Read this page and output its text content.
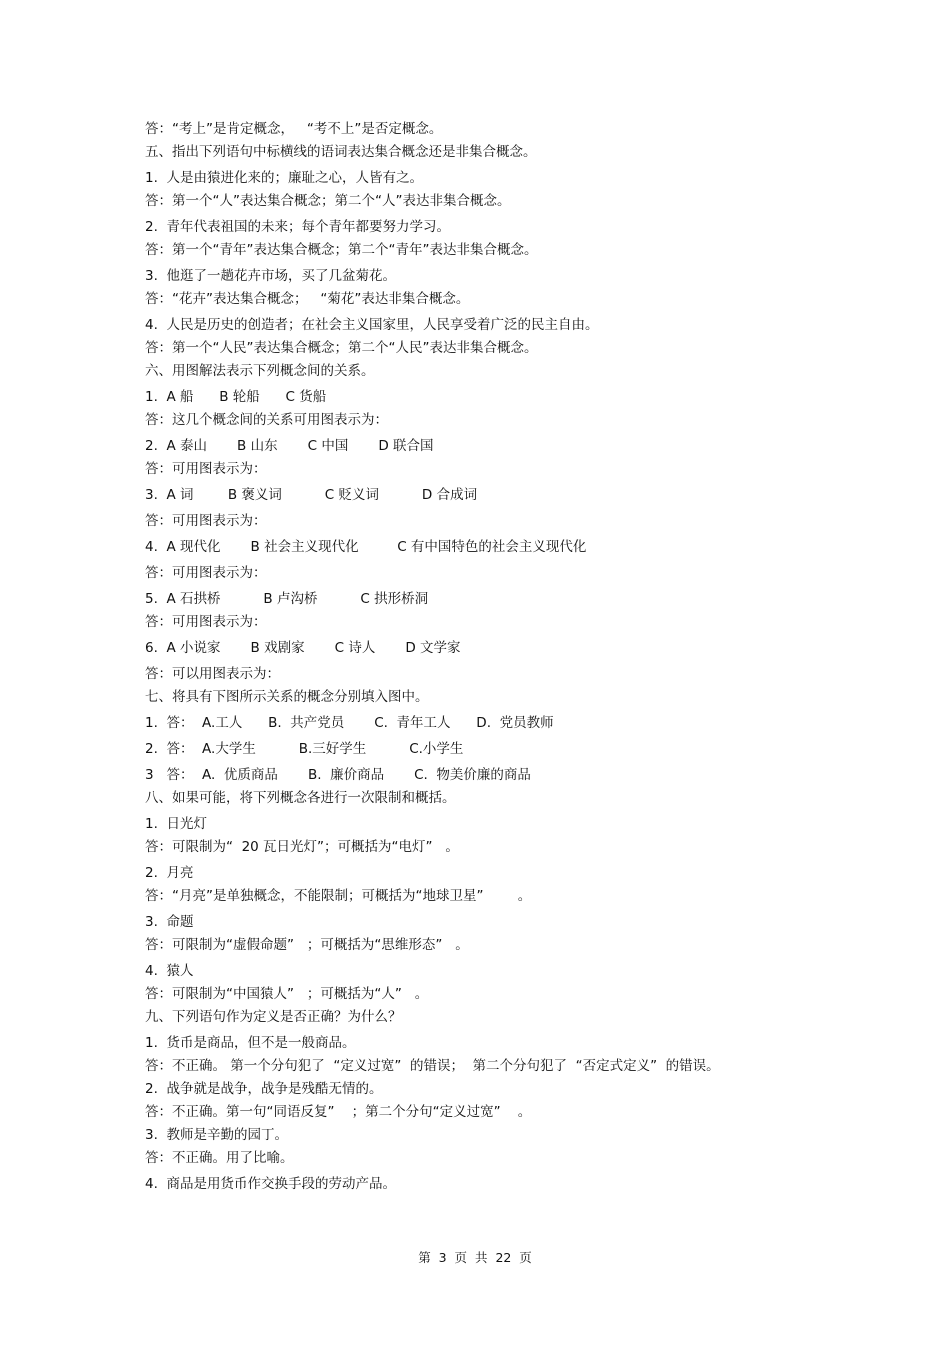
答：“考上”是肯定概念，   “考不上”是否定概念。
五、指出下列语句中标横线的语词表达集合概念还是非集合概念。
1.  人是由猿进化来的；廉耻之心，人皆有之。
答：第一个“人”表达集合概念；第二个“人”表达非集合概念。
2.  青年代表祖国的未来；每个青年都要努力学习。
答：第一个“青年”表达集合概念；第二个“青年”表达非集合概念。
3.  他逛了一趟花卉市场，买了几盆菊花。
答：“花卉”表达集合概念；   “菊花”表达非集合概念。
4.  人民是历史的创造者；在社会主义国家里，人民享受着广泛的民主自由。
答：第一个“人民”表达集合概念；第二个“人民”表达非集合概念。
六、用图解法表示下列概念间的关系。
1.  A 船      B 轮船      C 货船
答：这几个概念间的关系可用图表示为：
2.  A 泰山       B 山东       C 中国       D 联合国
答：可用图表示为：
3.  A 词        B 褒义词          C 贬义词          D 合成词
答：可用图表示为：
4.  A 现代化       B 社会主义现代化         C 有中国特色的社会主义现代化
答：可用图表示为：
5.  A 石拱桥          B 卢沟桥          C 拱形桥洞
答：可用图表示为：
6.  A 小说家       B 戏剧家       C 诗人       D 文学家
答：可以用图表示为：
七、将具有下图所示关系的概念分别填入图中。
1.  答：  A.工人      B.  共产党员       C.  青年工人      D.  党员教师
2.  答：  A.大学生          B.三好学生          C.小学生
3   答：  A.  优质商品       B.  廉价商品       C.  物美价廉的商品
八、如果可能，将下列概念各进行一次限制和概括。
1.  日光灯
答：可限制为“  20 瓦日光灯”；可概括为“电灯”   。
2.  月亮
答：“月亮”是单独概念，不能限制；可概括为“地球卫星”        。
3.  命题
答：可限制为“虚假命题”   ；可概括为“思维形态”   。
4.  猿人
答：可限制为“中国猿人”   ；可概括为“人”   。
九、下列语句作为定义是否正确？为什么？
1.  货币是商品，但不是一般商品。
答：不正确。 第一个分句犯了  “定义过宽”  的错误；  第二个分句犯了  “否定式定义”  的错误。
2.  战争就是战争，战争是残酷无情的。
答：不正确。第一句“同语反复”    ；第二个分句“定义过宽”    。
3.  教师是辛勤的园丁。
答：不正确。用了比喻。
4.  商品是用货币作交换手段的劳动产品。
第  3  页  共  22  页
